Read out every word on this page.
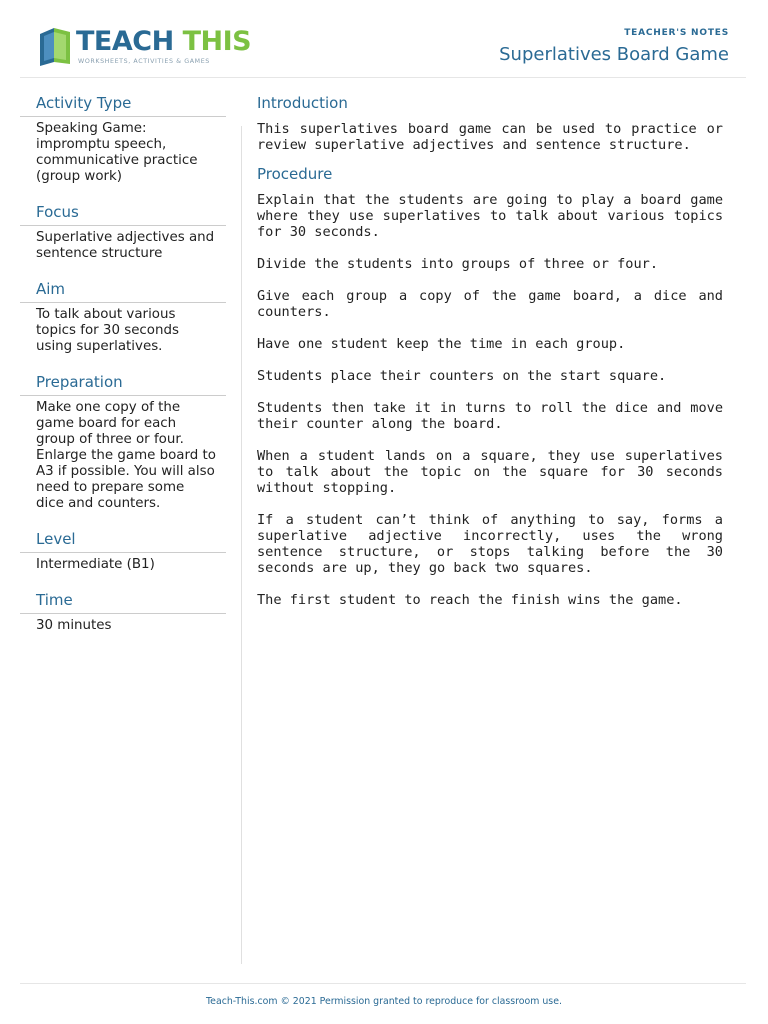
TEACH THIS
WORKSHEETS, ACTIVITIES & GAMES
TEACHER'S NOTES
Superlatives Board Game
Activity Type
Speaking Game: impromptu speech, communicative practice (group work)
Focus
Superlative adjectives and sentence structure
Aim
To talk about various topics for 30 seconds using superlatives.
Preparation
Make one copy of the game board for each group of three or four. Enlarge the game board to A3 if possible. You will also need to prepare some dice and counters.
Level
Intermediate (B1)
Time
30 minutes
Introduction

This superlatives board game can be used to practice or review superlative adjectives and sentence structure.

Procedure

Explain that the students are going to play a board game where they use superlatives to talk about various topics for 30 seconds.

Divide the students into groups of three or four.

Give each group a copy of the game board, a dice and counters.

Have one student keep the time in each group.

Students place their counters on the start square.

Students then take it in turns to roll the dice and move their counter along the board.

When a student lands on a square, they use superlatives to talk about the topic on the square for 30 seconds without stopping.

If a student can’t think of anything to say, forms a superlative adjective incorrectly, uses the wrong sentence structure, or stops talking before the 30 seconds are up, they go back two squares.

The first student to reach the finish wins the game.

Teach-This.com © 2021 Permission granted to reproduce for classroom use.
